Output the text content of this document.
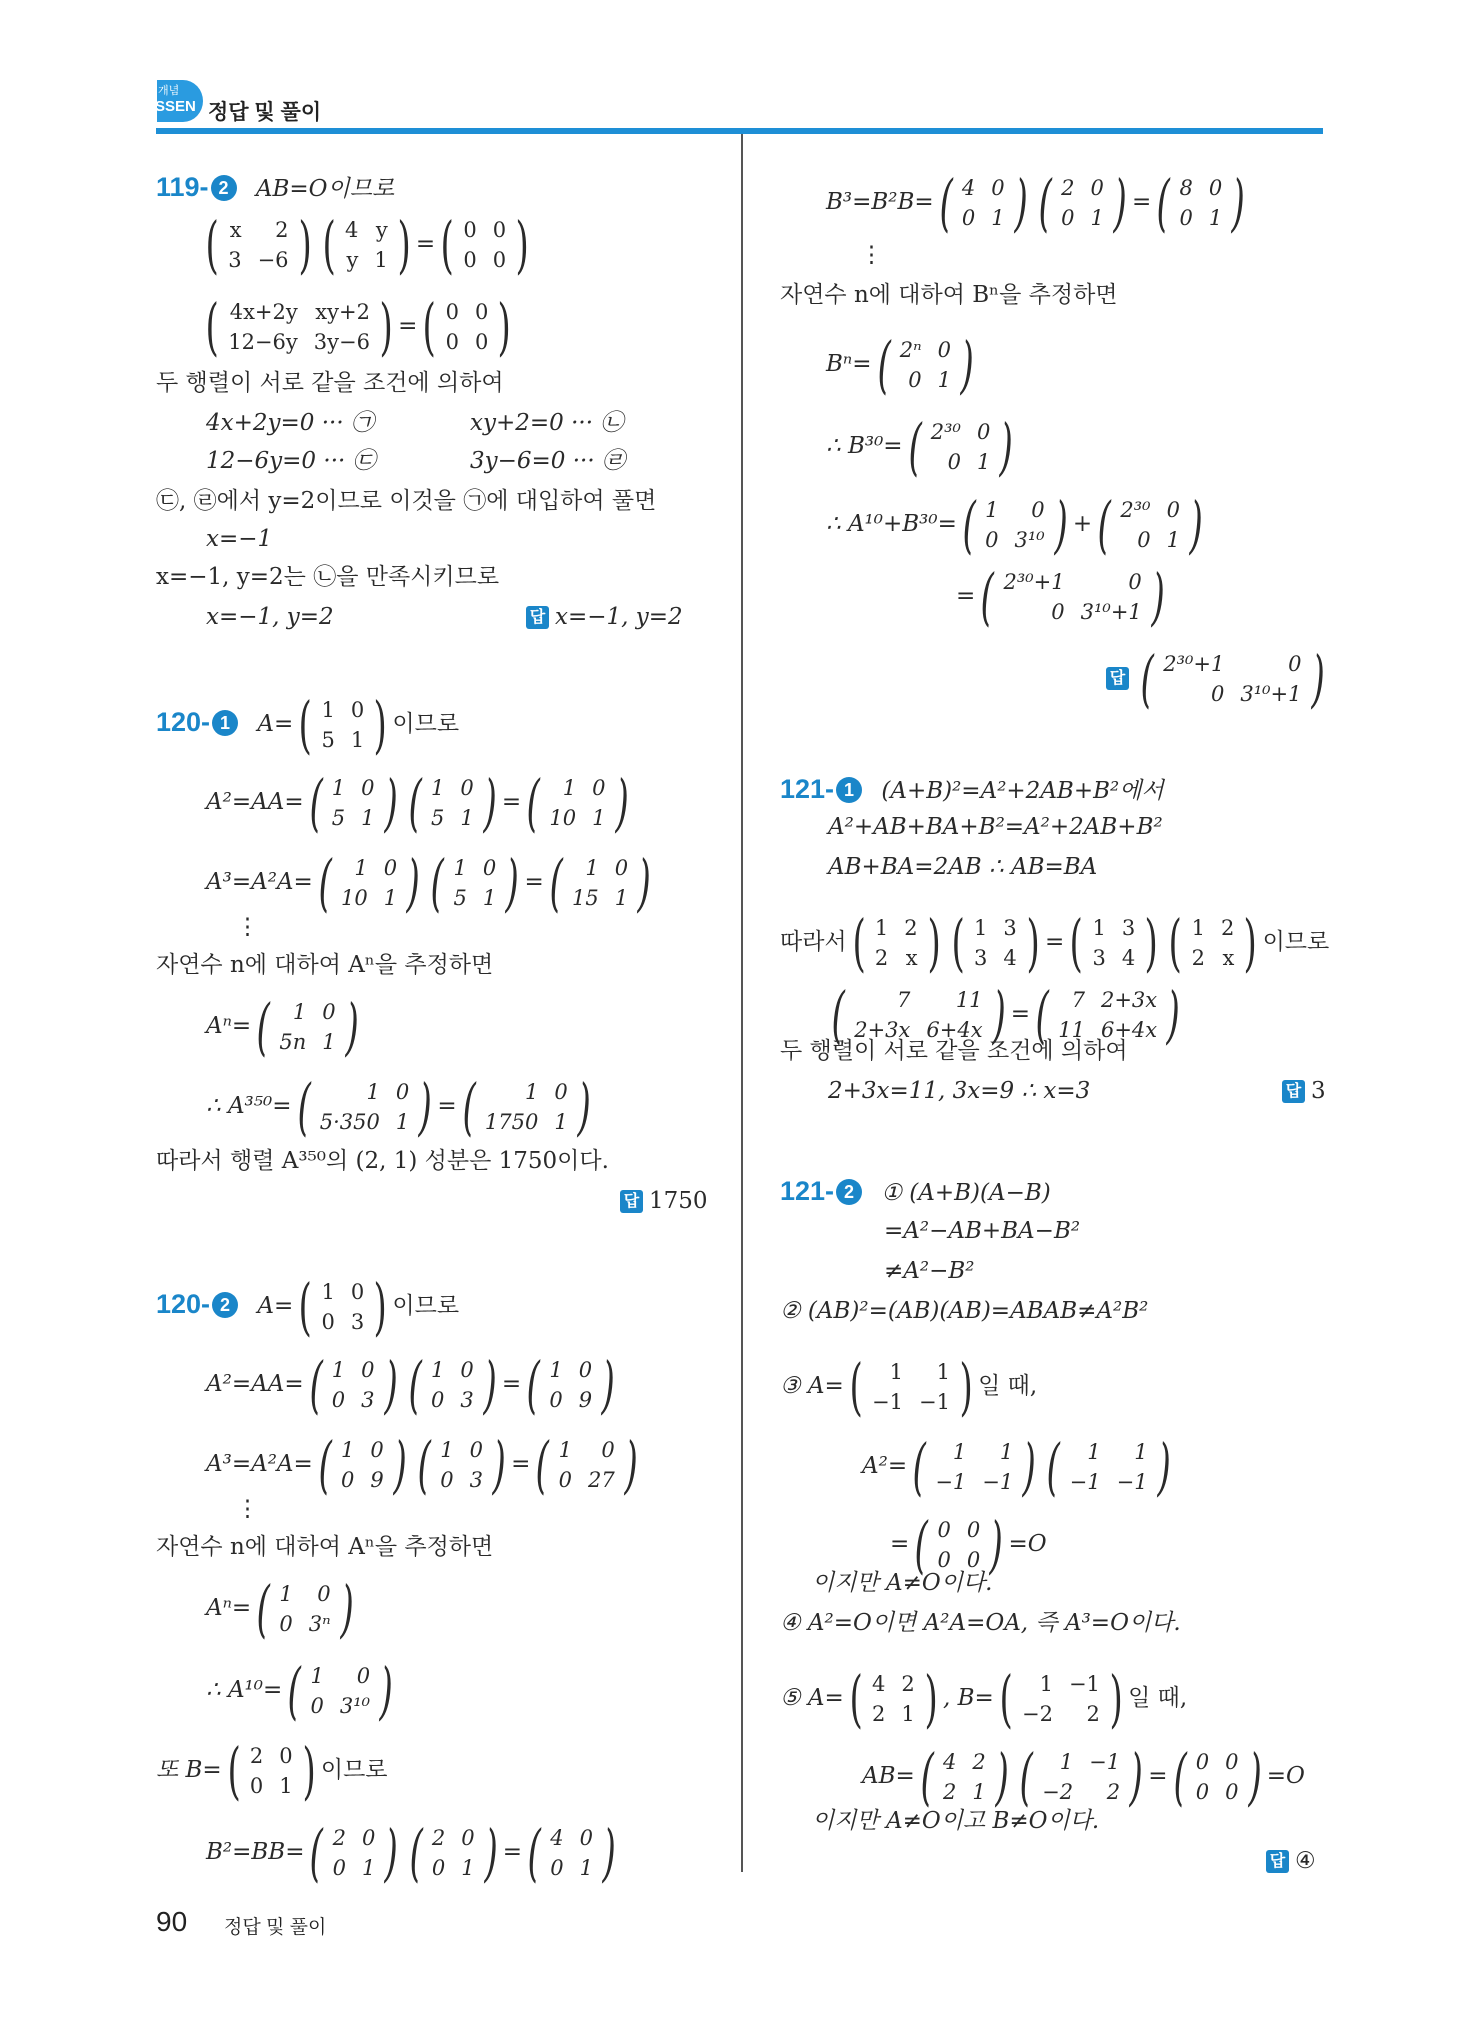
개념
SSEN 정답 및 풀이
119- 2 AB=O이므로
( x	2
3	−6 ) ( 4	y
y	1 ) = ( 0	0
0	0 )
( 4x+2y	xy+2
12−6y	3y−6 ) = ( 0	0
0	0 )
두 행렬이 서로 같을 조건에 의하여
4x+2y=0 ··· ㉠	xy+2=0 ··· ㉡
12−6y=0 ··· ㉢	3y−6=0 ··· ㉣
㉢, ㉣에서 y=2이므로 이것을 ㉠에 대입하여 풀면
x=−1
x=−1, y=2는 ㉡을 만족시키므로
x=−1, y=2	답 x=−1, y=2
120- 1 A= ( 1	0
5	1 ) 이므로
A²=AA= ( 1	0
5	1 ) ( 1	0
5	1 ) = ( 1	0
10	1 )
A³=A²A= ( 1	0
10	1 ) ( 1	0
5	1 ) = ( 1	0
15	1 )
⋮
자연수 n에 대하여 Aⁿ을 추정하면
Aⁿ= ( 1	0
5n	1 )
∴ A³⁵⁰= (	1	0
5·350	1 ) = ( 1	0
1750	1 )
따라서 행렬 A³⁵⁰의 (2, 1) 성분은 1750이다.
답 1750
120- 2 A= ( 1	0
0	3 ) 이므로
A²=AA= ( 1	0
0	3 ) ( 1	0
0	3 ) = ( 1	0
0	9 )
A³=A²A= ( 1	0
0	9 ) ( 1	0
0	3 ) = ( 1	0
0	27 )
⋮
자연수 n에 대하여 Aⁿ을 추정하면
Aⁿ= ( 1	0
0	3ⁿ )
∴ A¹⁰= ( 1	0
0	3¹⁰ )
또 B= ( 2	0
0	1 ) 이므로
B²=BB= ( 2	0
0	1 ) ( 2	0
0	1 ) = ( 4	0
0	1 )
B³=B²B= ( 4	0
0	1 ) ( 2	0
0	1 ) = ( 8	0
0	1 )
⋮
자연수 n에 대하여 Bⁿ을 추정하면
Bⁿ= ( 2ⁿ	0
0	1 )
∴ B³⁰= ( 2³⁰	0
0	1 )
∴ A¹⁰+B³⁰= ( 1	0
0	3¹⁰ ) + ( 2³⁰	0
0	1 )
= ( 2³⁰+1	0
0	3¹⁰+1 )
답 ( 2³⁰+1	0
0	3¹⁰+1 )
121- 1 (A+B)²=A²+2AB+B²에서
A²+AB+BA+B²=A²+2AB+B²
AB+BA=2AB ∴ AB=BA
따라서 ( 1	2
2	x ) ( 1	3
3	4 ) = ( 1	3
3	4 ) ( 1	2
2	x ) 이므로
( 7	11
2+3x	6+4x ) = ( 7	2+3x
11	6+4x )
두 행렬이 서로 같을 조건에 의하여
2+3x=11, 3x=9 ∴ x=3	답 3
121- 2 ① (A+B)(A−B)
=A²−AB+BA−B²
≠A²−B²
② (AB)²=(AB)(AB)=ABAB≠A²B²
③ A= ( 1	1
−1	−1 ) 일 때,
A²= ( 1	1
−1	−1 ) ( 1	1
−1	−1 )
= ( 0	0
0	0 ) =O
이지만 A≠O이다.
④ A²=O이면 A²A=OA, 즉 A³=O이다.
⑤ A= ( 4	2
2	1 ) , B= ( 1	−1
−2	2 ) 일 때,
AB= ( 4	2
2	1 ) ( 1	−1
−2	2 ) = ( 0	0
0	0 ) =O
이지만 A≠O이고 B≠O이다.
답 ④
90 정답 및 풀이
